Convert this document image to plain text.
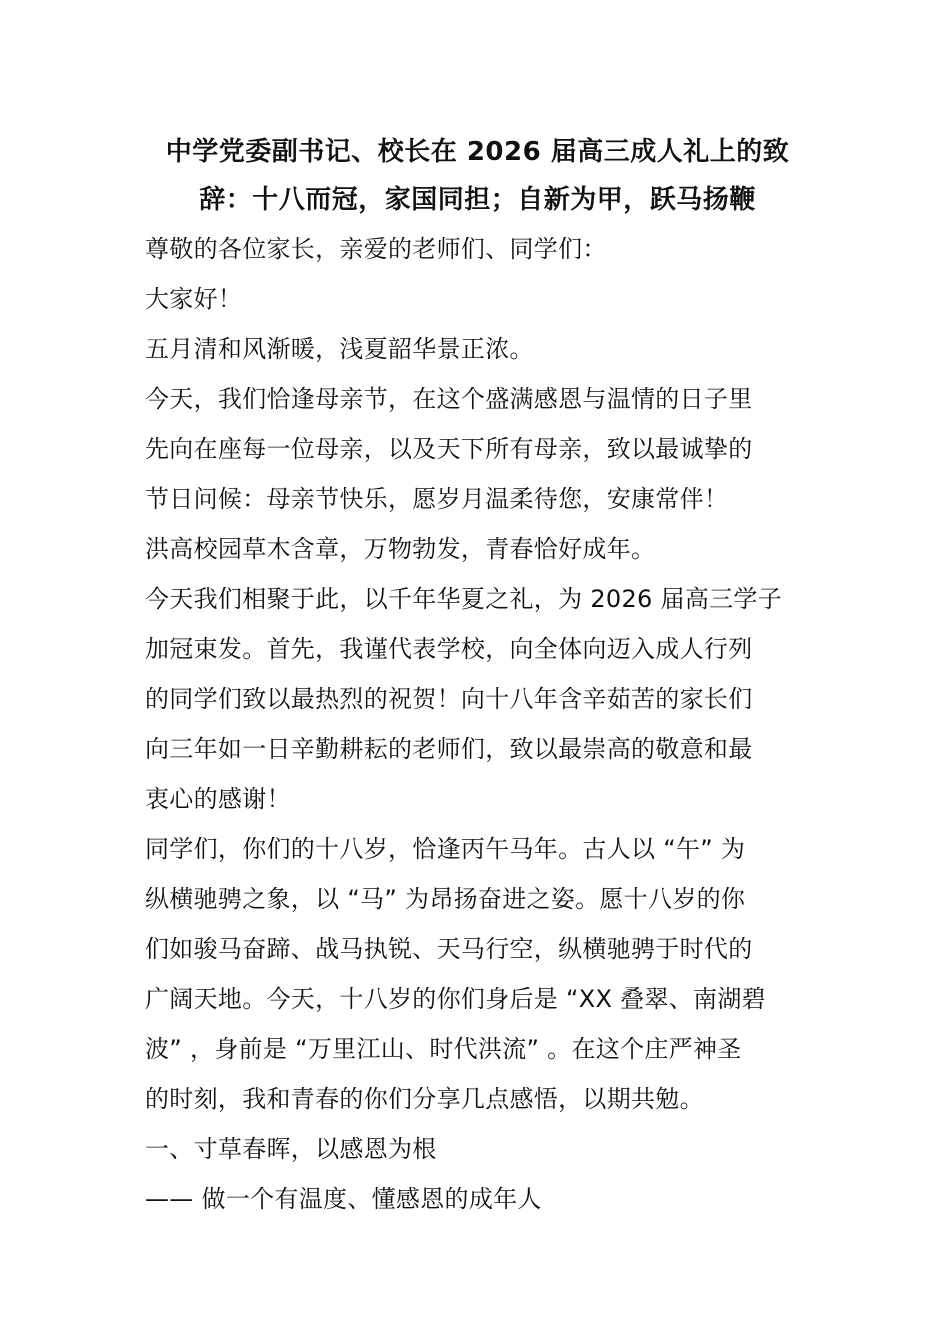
中学党委副书记、校长在 2026 届高三成人礼上的致
辞：十八而冠，家国同担；自新为甲，跃马扬鞭

尊敬的各位家长，亲爱的老师们、同学们：

大家好！

五月清和风渐暖，浅夏韶华景正浓。

今天，我们恰逢母亲节，在这个盛满感恩与温情的日子里
先向在座每一位母亲，以及天下所有母亲，致以最诚挚的
节日问候：母亲节快乐，愿岁月温柔待您，安康常伴！

洪高校园草木含章，万物勃发，青春恰好成年。

今天我们相聚于此，以千年华夏之礼，为 2026 届高三学子
加冠束发。首先，我谨代表学校，向全体向迈入成人行列
的同学们致以最热烈的祝贺！向十八年含辛茹苦的家长们
向三年如一日辛勤耕耘的老师们，致以最崇高的敬意和最
衷心的感谢！

同学们，你们的十八岁，恰逢丙午马年。古人以 “午” 为
纵横驰骋之象，以 “马” 为昂扬奋进之姿。愿十八岁的你
们如骏马奋蹄、战马执锐、天马行空，纵横驰骋于时代的
广阔天地。今天，十八岁的你们身后是 “XX 叠翠、南湖碧
波” ，身前是 “万里江山、时代洪流” 。在这个庄严神圣
的时刻，我和青春的你们分享几点感悟，以期共勉。

一、寸草春晖，以感恩为根

—— 做一个有温度、懂感恩的成年人
